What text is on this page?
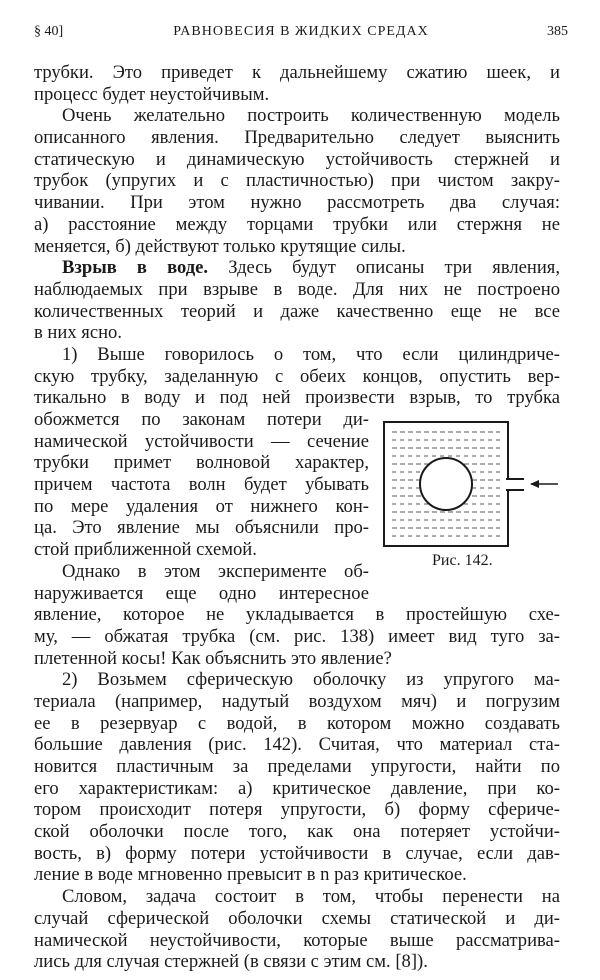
§ 40]	РАВНОВЕСИЯ В ЖИДКИХ СРЕДАХ	385
трубки. Это приведет к дальнейшему сжатию шеек, и
процесс будет неустойчивым.
Очень желательно построить количественную модель
описанного явления. Предварительно следует выяснить
статическую и динамическую устойчивость стержней и
трубок (упругих и с пластичностью) при чистом закру-
чивании. При этом нужно рассмотреть два случая:
а) расстояние между торцами трубки или стержня не
меняется, б) действуют только крутящие силы.
Взрыв в воде. Здесь будут описаны три явления,
наблюдаемых при взрыве в воде. Для них не построено
количественных теорий и даже качественно еще не все
в них ясно.
1) Выше говорилось о том, что если цилиндриче-
скую трубку, заделанную с обеих концов, опустить вер-
тикально в воду и под ней произвести взрыв, то трубка
обожмется по законам потери ди-
намической устойчивости — сечение
трубки примет волновой характер,
причем частота волн будет убывать
по мере удаления от нижнего кон-
ца. Это явление мы объяснили про-
стой приближенной схемой.
Однако в этом эксперименте об-
наруживается еще одно интересное
явление, которое не укладывается в простейшую схе-
му, — обжатая трубка (см. рис. 138) имеет вид туго за-
плетенной косы! Как объяснить это явление?
2) Возьмем сферическую оболочку из упругого ма-
териала (например, надутый воздухом мяч) и погрузим
ее в резервуар с водой, в котором можно создавать
большие давления (рис. 142). Считая, что материал ста-
новится пластичным за пределами упругости, найти по
его характеристикам: а) критическое давление, при ко-
тором происходит потеря упругости, б) форму сфериче-
ской оболочки после того, как она потеряет устойчи-
вость, в) форму потери устойчивости в случае, если дав-
ление в воде мгновенно превысит в n раз критическое.
Словом, задача состоит в том, чтобы перенести на
случай сферической оболочки схемы статической и ди-
намической неустойчивости, которые выше рассматрива-
лись для случая стержней (в связи с этим см. [8]).
Рис. 142.
